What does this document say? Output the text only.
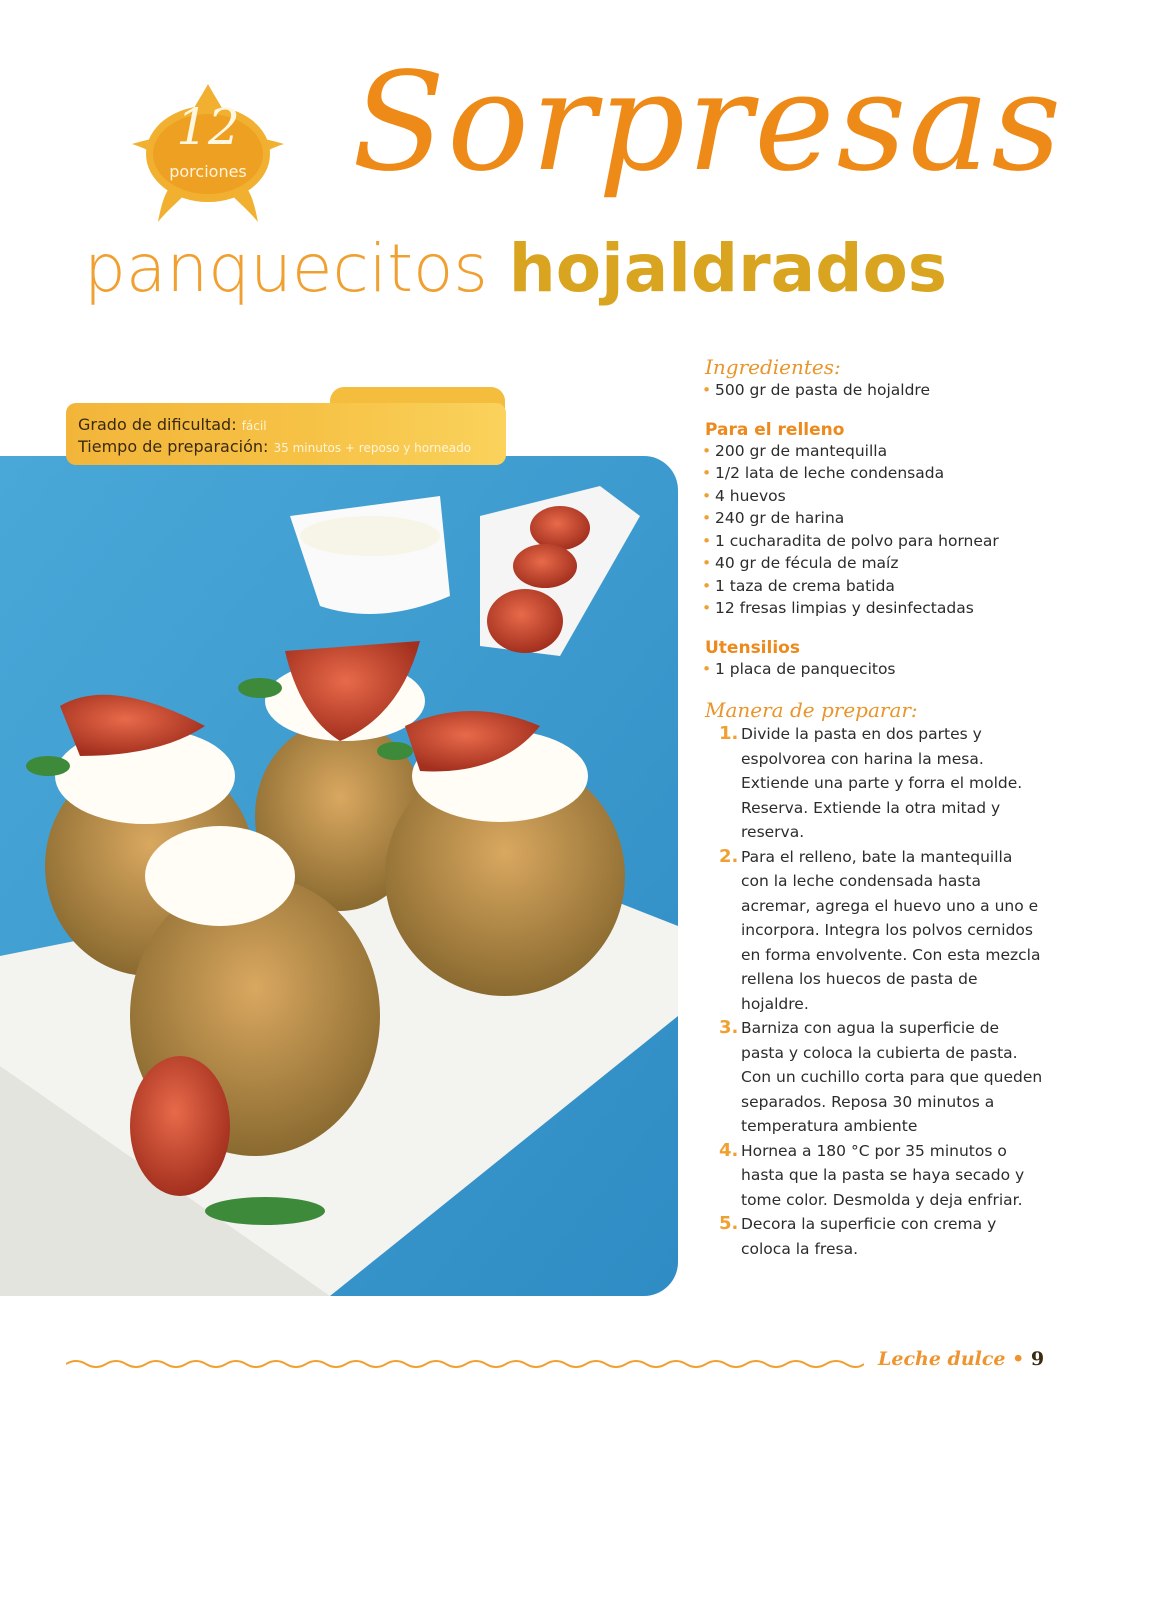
12
porciones Sorpresas
panquecitos hojaldrados
Grado de dificultad: fácil
Tiempo de preparación: 35 minutos + reposo y horneado
Ingredientes:
• 500 gr de pasta de hojaldre
Para el relleno
• 200 gr de mantequilla
• 1/2 lata de leche condensada
• 4 huevos
• 240 gr de harina
• 1 cucharadita de polvo para hornear
• 40 gr de fécula de maíz
• 1 taza de crema batida
• 12 fresas limpias y desinfectadas
Utensilios
• 1 placa de panquecitos
Manera de preparar:
1. Divide la pasta en dos partes y espolvorea con harina la mesa. Extiende una parte y forra el molde. Reserva. Extiende la otra mitad y reserva.
2. Para el relleno, bate la mantequilla con la leche condensada hasta acremar, agrega el huevo uno a uno e incorpora. Integra los polvos cernidos en forma envolvente. Con esta mezcla rellena los huecos de pasta de hojaldre.
3. Barniza con agua la superficie de pasta y coloca la cubierta de pasta. Con un cuchillo corta para que queden separados. Reposa 30 minutos a temperatura ambiente
4. Hornea a 180 °C por 35 minutos o hasta que la pasta se haya secado y tome color. Desmolda y deja enfriar.
5. Decora la superficie con crema y coloca la fresa.
Leche dulce • 9
